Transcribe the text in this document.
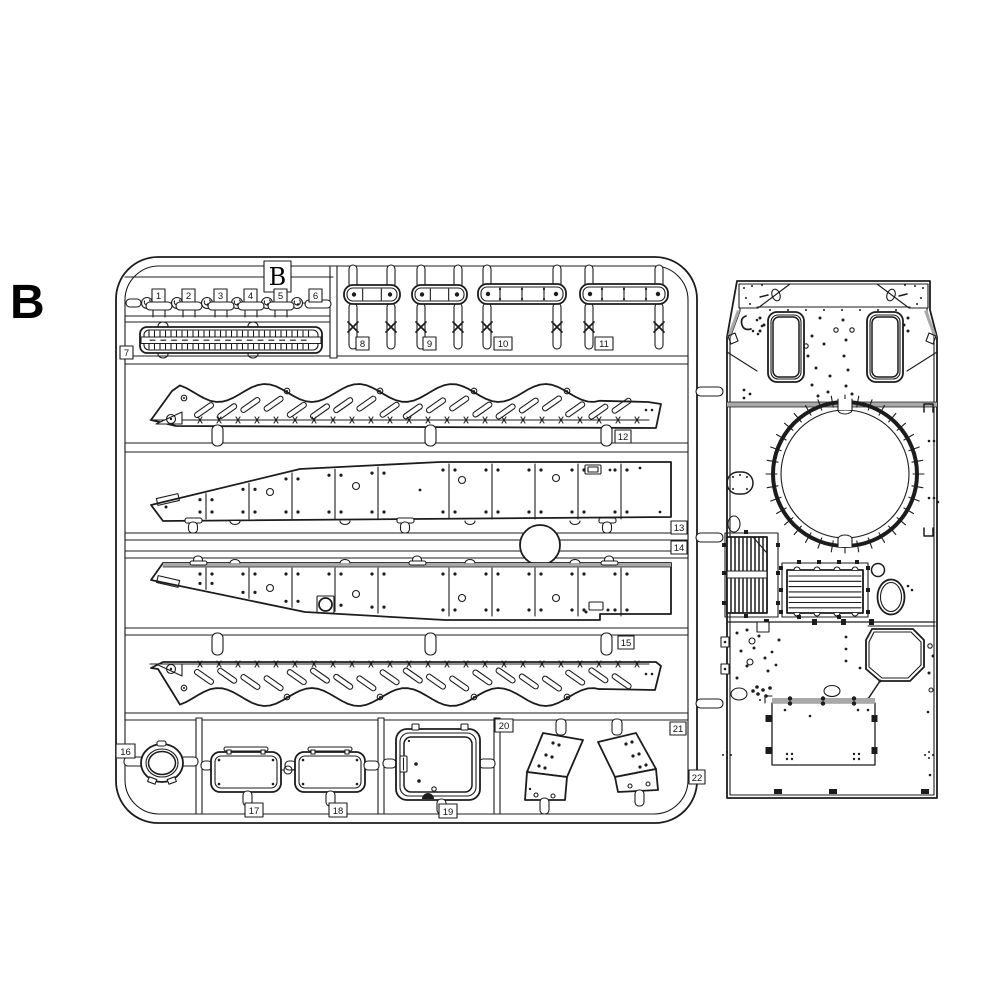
B	1	2	3	4	5	6
7
8	9	10	11
12
13
14
15
16
17	18	19
20	21
22
B
